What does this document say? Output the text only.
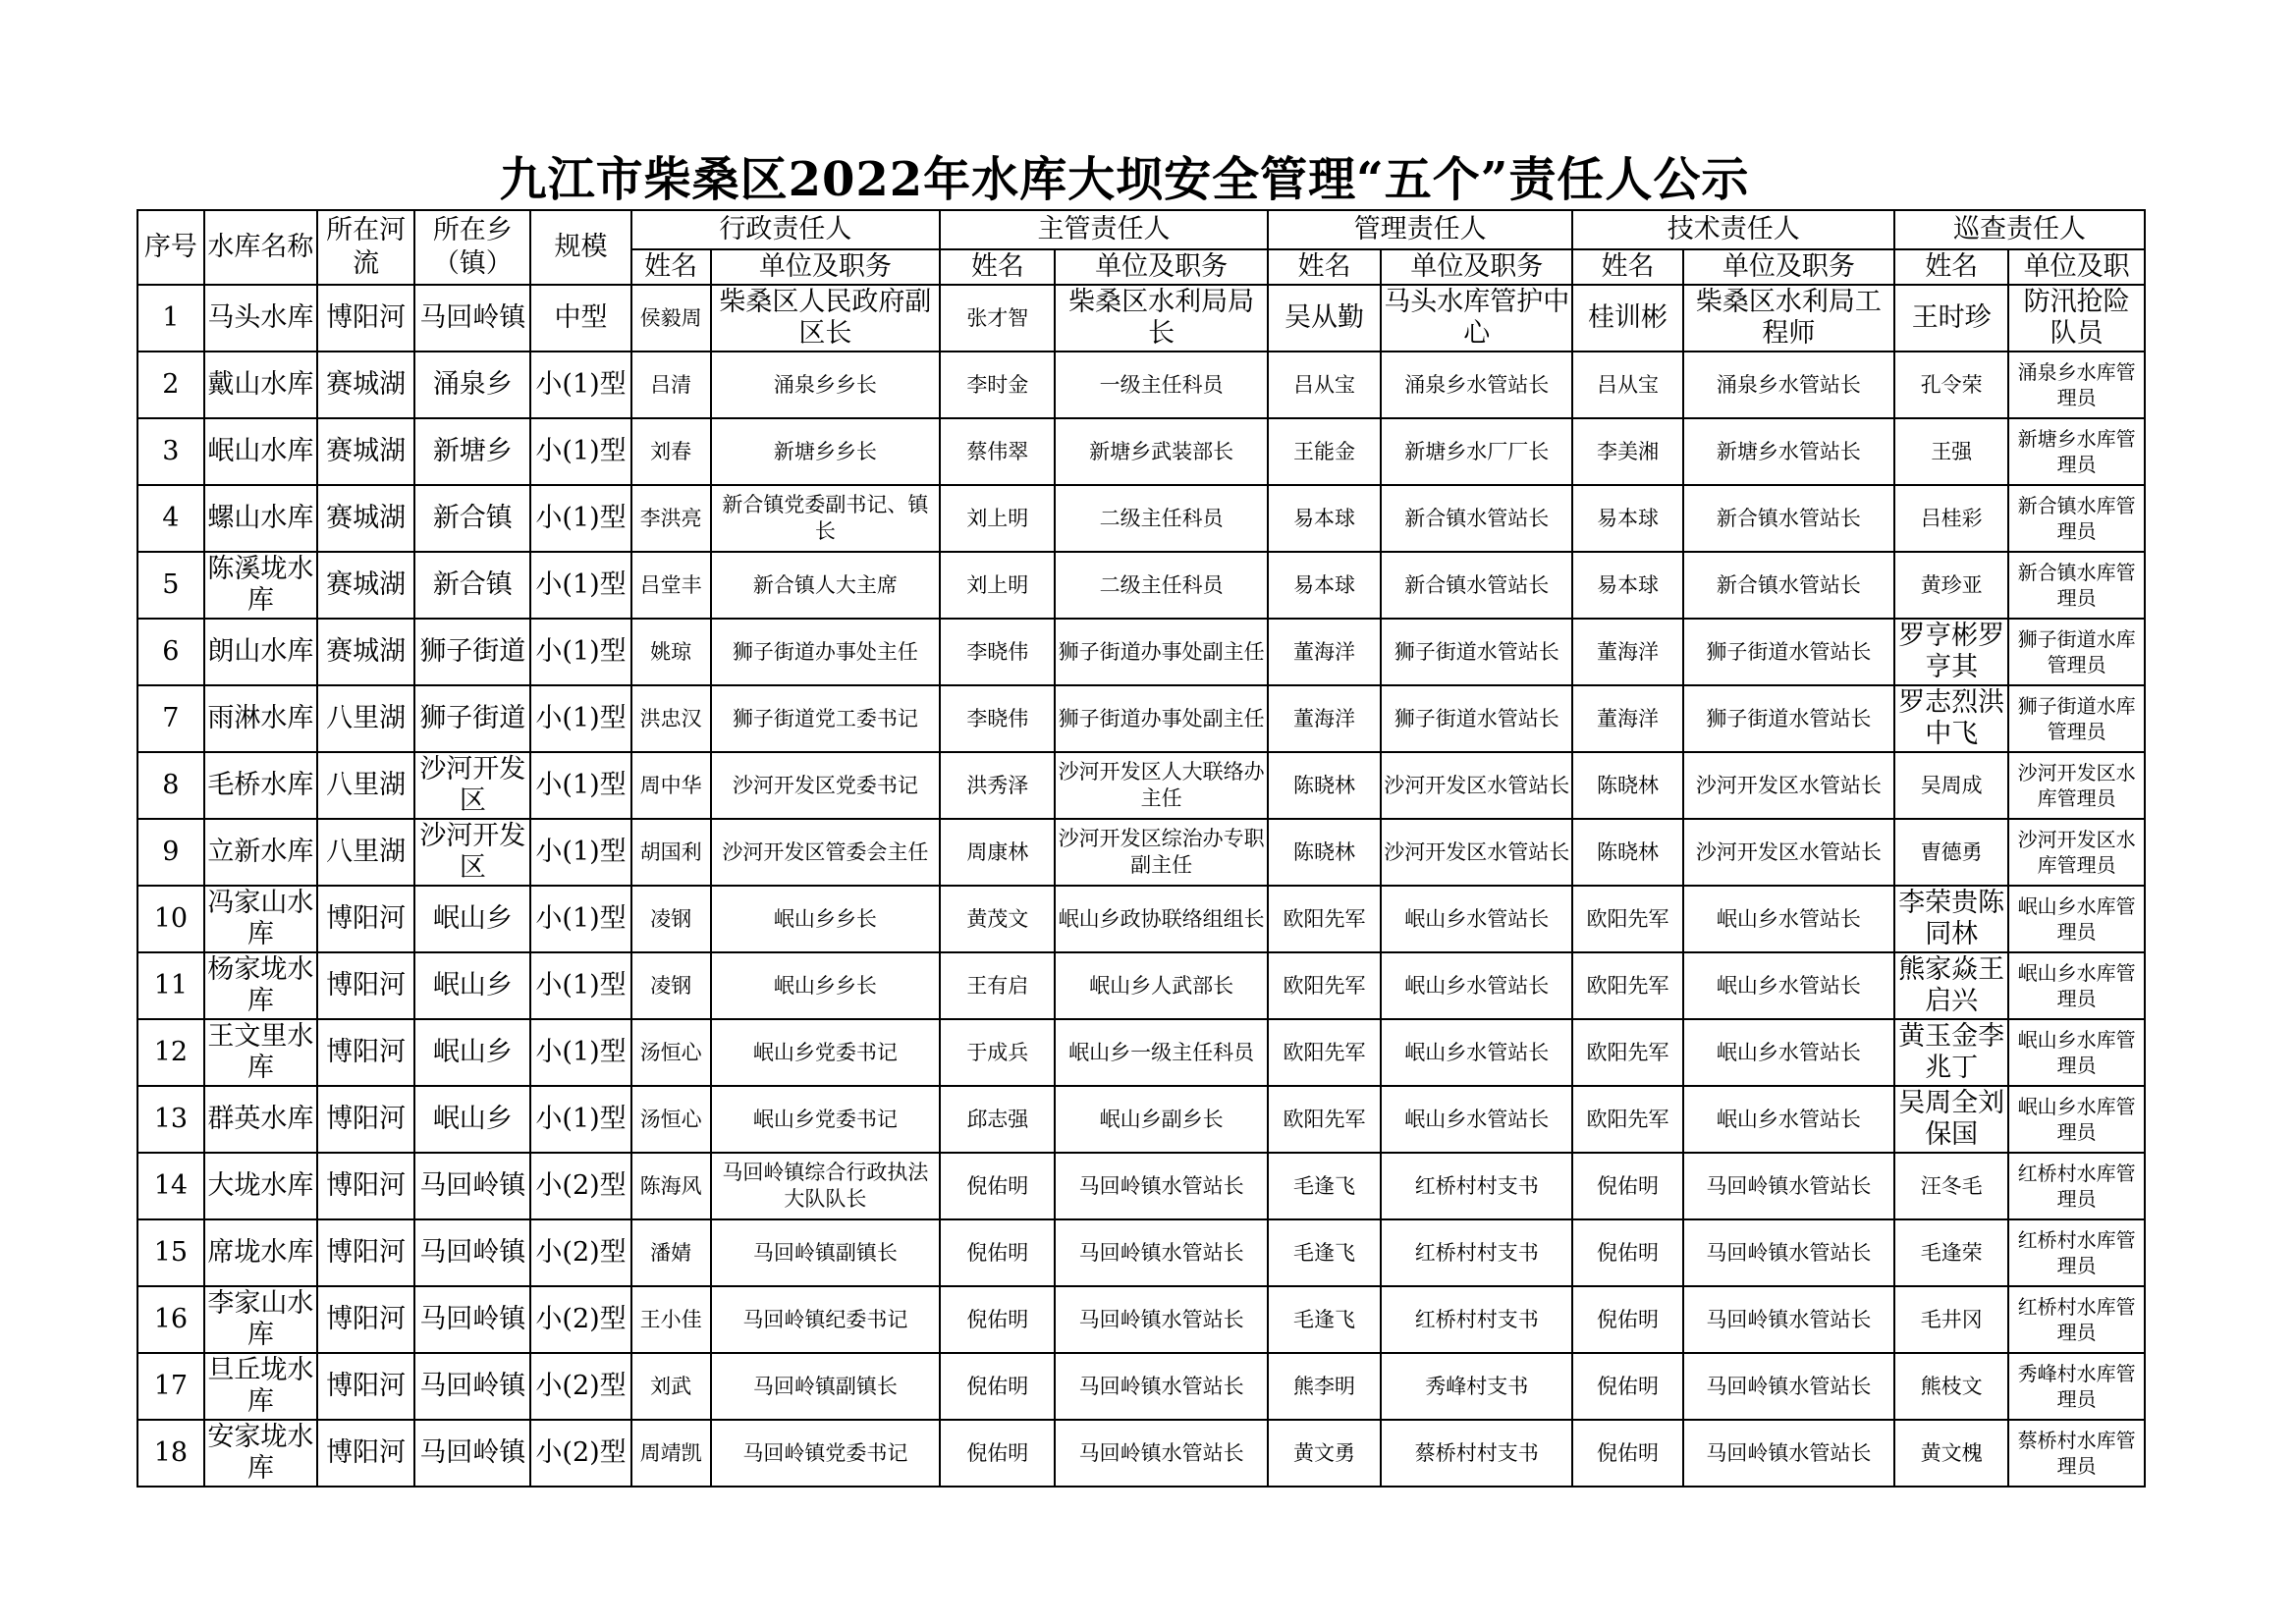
九江市柴桑区2022年水库大坝安全管理“五个”责任人公示
序号	水库名称	所在河流	所在乡（镇）	规模	行政责任人		主管责任人		管理责任人		技术责任人		巡查责任人	
					姓名	单位及职务	姓名	单位及职务	姓名	单位及职务	姓名	单位及职务	姓名	单位及职
1	马头水库	博阳河	马回岭镇	中型	侯毅周	柴桑区人民政府副区长	张才智	柴桑区水利局局长	吴从勤	马头水库管护中心	桂训彬	柴桑区水利局工程师	王时珍	防汛抢险队员
2	戴山水库	赛城湖	涌泉乡	小(1)型	吕清	涌泉乡乡长	李时金	一级主任科员	吕从宝	涌泉乡水管站长	吕从宝	涌泉乡水管站长	孔令荣	涌泉乡水库管理员
3	岷山水库	赛城湖	新塘乡	小(1)型	刘春	新塘乡乡长	蔡伟翠	新塘乡武装部长	王能金	新塘乡水厂厂长	李美湘	新塘乡水管站长	王强	新塘乡水库管理员
4	螺山水库	赛城湖	新合镇	小(1)型	李洪亮	新合镇党委副书记、镇长	刘上明	二级主任科员	易本球	新合镇水管站长	易本球	新合镇水管站长	吕桂彩	新合镇水库管理员
5	陈溪垅水库	赛城湖	新合镇	小(1)型	吕堂丰	新合镇人大主席	刘上明	二级主任科员	易本球	新合镇水管站长	易本球	新合镇水管站长	黄珍亚	新合镇水库管理员
6	朗山水库	赛城湖	狮子街道	小(1)型	姚琼	狮子街道办事处主任	李晓伟	狮子街道办事处副主任	董海洋	狮子街道水管站长	董海洋	狮子街道水管站长	罗亨彬罗亨其	狮子街道水库管理员
7	雨淋水库	八里湖	狮子街道	小(1)型	洪忠汉	狮子街道党工委书记	李晓伟	狮子街道办事处副主任	董海洋	狮子街道水管站长	董海洋	狮子街道水管站长	罗志烈洪中飞	狮子街道水库管理员
8	毛桥水库	八里湖	沙河开发区	小(1)型	周中华	沙河开发区党委书记	洪秀泽	沙河开发区人大联络办主任	陈晓林	沙河开发区水管站长	陈晓林	沙河开发区水管站长	吴周成	沙河开发区水库管理员
9	立新水库	八里湖	沙河开发区	小(1)型	胡国利	沙河开发区管委会主任	周康林	沙河开发区综治办专职副主任	陈晓林	沙河开发区水管站长	陈晓林	沙河开发区水管站长	曺德勇	沙河开发区水库管理员
10	冯家山水库	博阳河	岷山乡	小(1)型	凌钢	岷山乡乡长	黄茂文	岷山乡政协联络组组长	欧阳先军	岷山乡水管站长	欧阳先军	岷山乡水管站长	李荣贵陈同林	岷山乡水库管理员
11	杨家垅水库	博阳河	岷山乡	小(1)型	凌钢	岷山乡乡长	王有启	岷山乡人武部长	欧阳先军	岷山乡水管站长	欧阳先军	岷山乡水管站长	熊家焱王启兴	岷山乡水库管理员
12	王文里水库	博阳河	岷山乡	小(1)型	汤恒心	岷山乡党委书记	于成兵	岷山乡一级主任科员	欧阳先军	岷山乡水管站长	欧阳先军	岷山乡水管站长	黄玉金李兆丁	岷山乡水库管理员
13	群英水库	博阳河	岷山乡	小(1)型	汤恒心	岷山乡党委书记	邱志强	岷山乡副乡长	欧阳先军	岷山乡水管站长	欧阳先军	岷山乡水管站长	吴周全刘保国	岷山乡水库管理员
14	大垅水库	博阳河	马回岭镇	小(2)型	陈海风	马回岭镇综合行政执法大队队长	倪佑明	马回岭镇水管站长	毛逢飞	红桥村村支书	倪佑明	马回岭镇水管站长	汪冬毛	红桥村水库管理员
15	席垅水库	博阳河	马回岭镇	小(2)型	潘婧	马回岭镇副镇长	倪佑明	马回岭镇水管站长	毛逢飞	红桥村村支书	倪佑明	马回岭镇水管站长	毛逢荣	红桥村水库管理员
16	李家山水库	博阳河	马回岭镇	小(2)型	王小佳	马回岭镇纪委书记	倪佑明	马回岭镇水管站长	毛逢飞	红桥村村支书	倪佑明	马回岭镇水管站长	毛井冈	红桥村水库管理员
17	旦丘垅水库	博阳河	马回岭镇	小(2)型	刘武	马回岭镇副镇长	倪佑明	马回岭镇水管站长	熊李明	秀峰村支书	倪佑明	马回岭镇水管站长	熊枝文	秀峰村水库管理员
18	安家垅水库	博阳河	马回岭镇	小(2)型	周靖凯	马回岭镇党委书记	倪佑明	马回岭镇水管站长	黄文勇	蔡桥村村支书	倪佑明	马回岭镇水管站长	黄文槐	蔡桥村水库管理员
